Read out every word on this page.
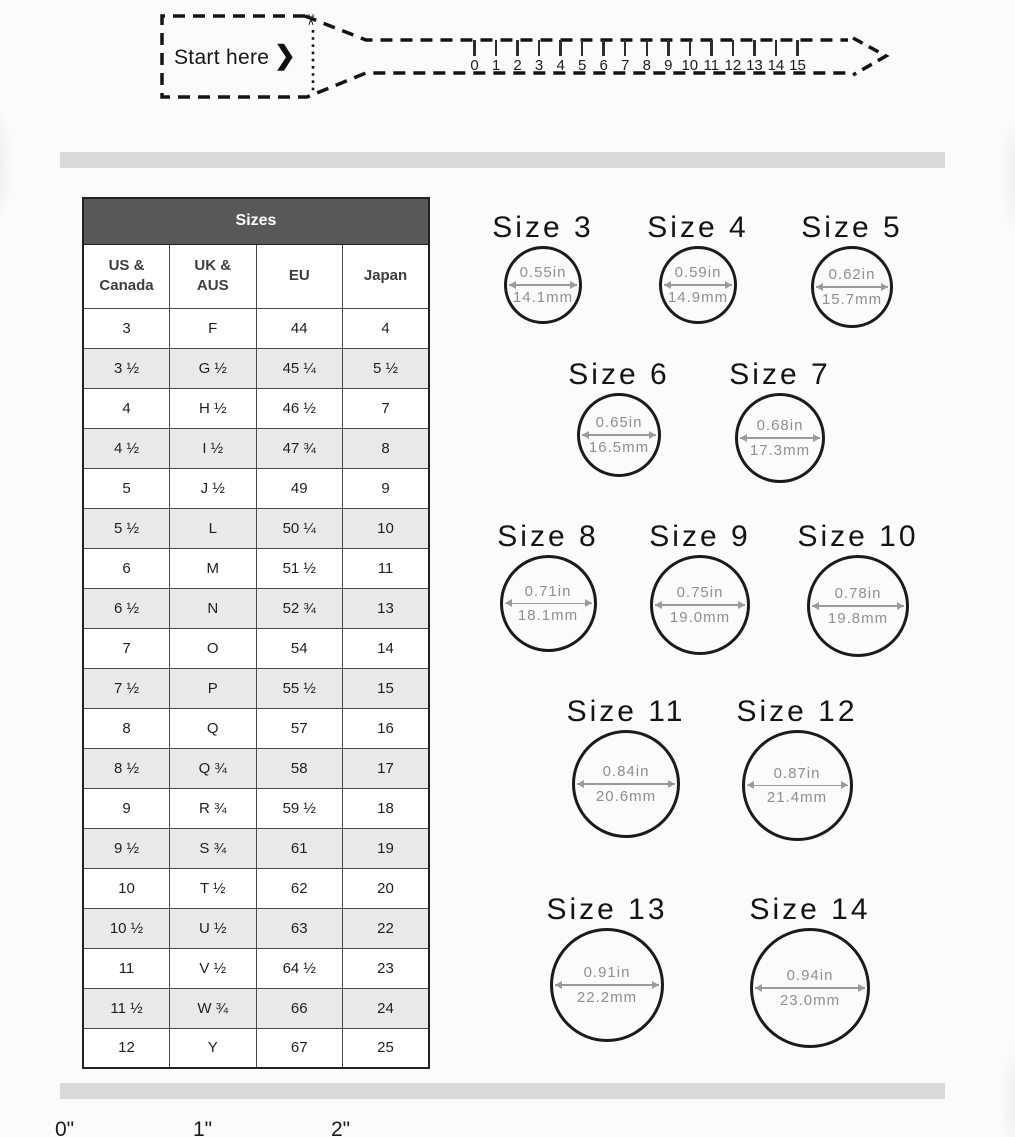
✂
Start here ❯	0 1 2 3 4 5 6 7 8 9 10 11 12 13 14 15
Sizes			
US & Canada	UK & AUS	EU	Japan
3	F	44	4
3 ½	G ½	45 ¼	5 ½
4	H ½	46 ½	7
4 ½	I ½	47 ¾	8
5	J ½	49	9
5 ½	L	50 ¼	10
6	M	51 ½	11
6 ½	N	52 ¾	13
7	O	54	14
7 ½	P	55 ½	15
8	Q	57	16
8 ½	Q ¾	58	17
9	R ¾	59 ½	18
9 ½	S ¾	61	19
10	T ½	62	20
10 ½	U ½	63	22
11	V ½	64 ½	23
11 ½	W ¾	66	24
12	Y	67	25
Size 3
0.55in
14.1mm
Size 4
0.59in
14.9mm
Size 5
0.62in
15.7mm
Size 6
0.65in
16.5mm
Size 7
0.68in
17.3mm
Size 8
0.71in
18.1mm
Size 9
0.75in
19.0mm
Size 10
0.78in
19.8mm
Size 11
0.84in
20.6mm
Size 12
0.87in
21.4mm
Size 13
0.91in
22.2mm
Size 14
0.94in
23.0mm
0"	1"	2"
